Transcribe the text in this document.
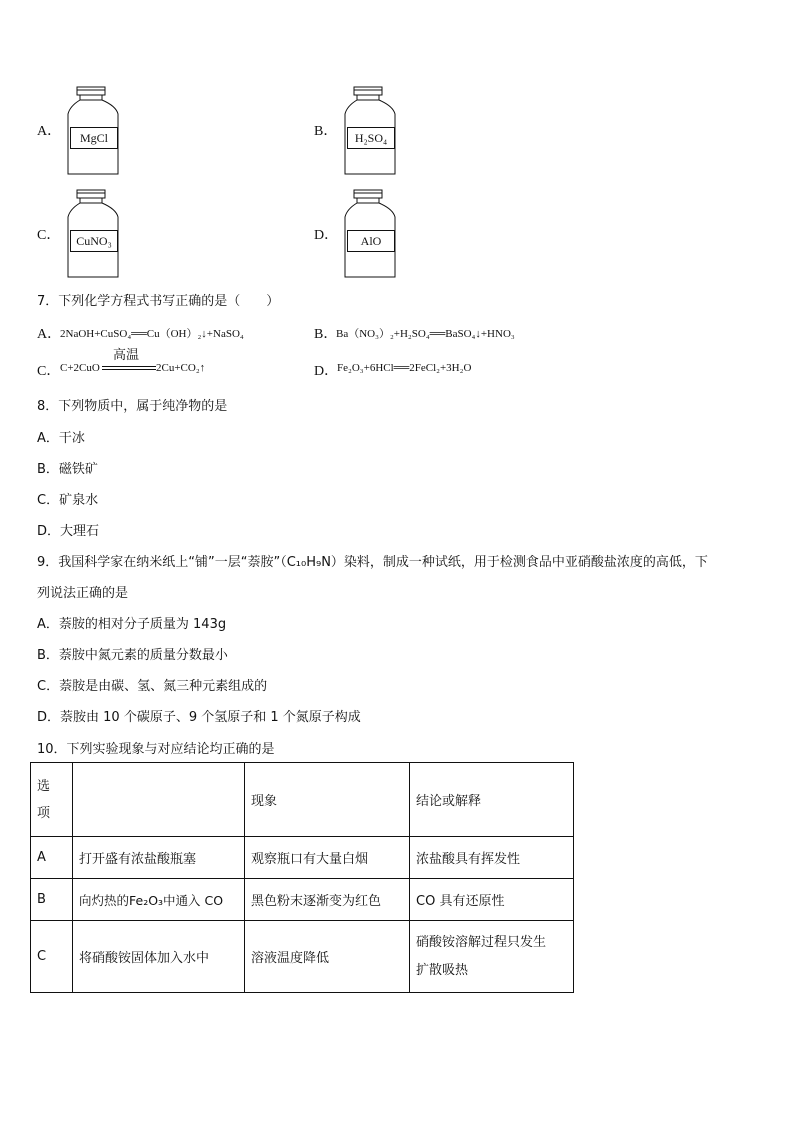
A．	MgCl	B．	H₂SO₄
C．	CuNO₃	D．	AlO
7．下列化学方程式书写正确的是（　　）
A．
2NaOH+CuSO₄══Cu（OH）₂↓+NaSO₄	B．
Ba（NO₃）₂+H₂SO₄══BaSO₄↓+HNO₃
C． C+2CuO
高温
2Cu+CO₂↑	D．
Fe₂O₃+6HCl══2FeCl₂+3H₂O
8．下列物质中，属于纯净物的是
A．干冰
B．磁铁矿
C．矿泉水
D．大理石
9．我国科学家在纳米纸上“铺”一层“萘胺”（C₁₀H₉N）染料，制成一种试纸，用于检测食品中亚硝酸盐浓度的高低，下
列说法正确的是
A．萘胺的相对分子质量为 143g
B．萘胺中氮元素的质量分数最小
C．萘胺是由碳、氢、氮三种元素组成的
D．萘胺由 10 个碳原子、9 个氢原子和 1 个氮原子构成
10．下列实验现象与对应结论均正确的是
选
项		现象	结论或解释
A	打开盛有浓盐酸瓶塞	观察瓶口有大量白烟	浓盐酸具有挥发性
B	向灼热的Fe₂O₃中通入 CO	黑色粉末逐渐变为红色	CO 具有还原性
C	将硝酸铵固体加入水中	溶液温度降低	硝酸铵溶解过程只发生
扩散吸热
